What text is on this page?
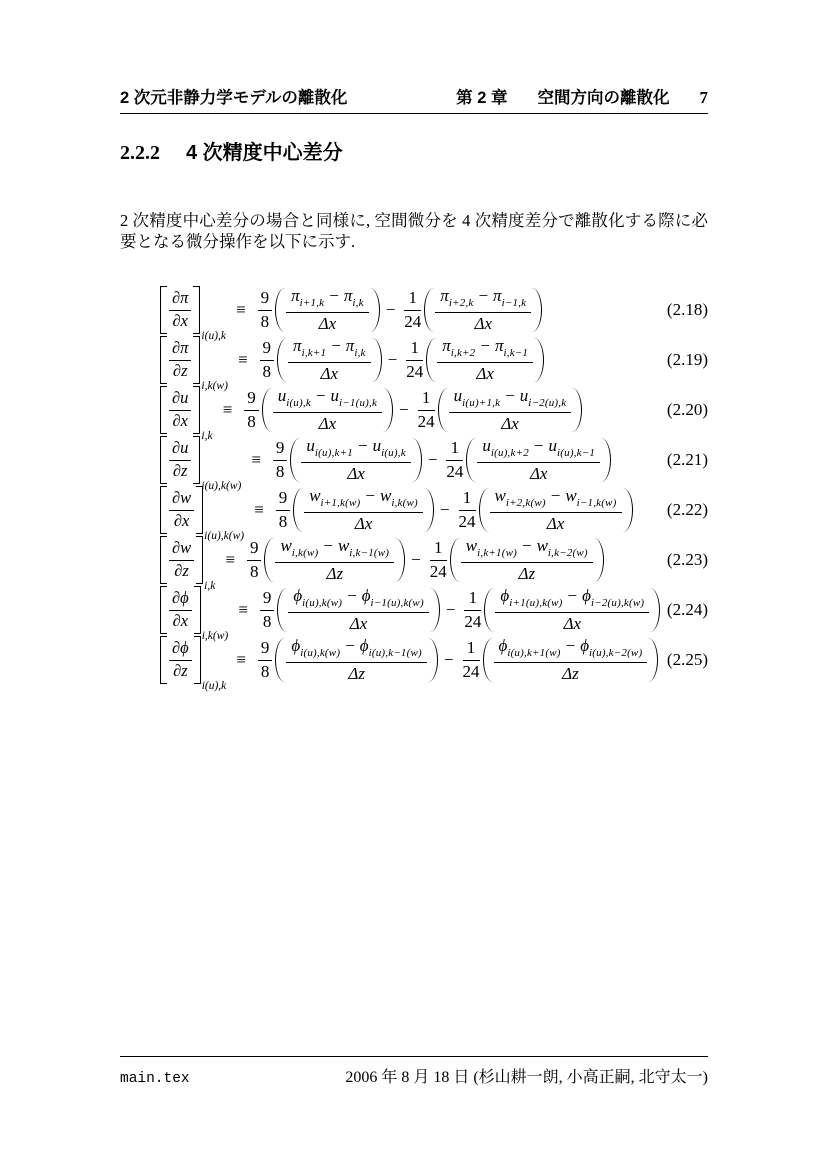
2 次元非静力学モデルの離散化	第 2 章 空間方向の離散化 7
2.2.2 4 次精度中心差分

2 次精度中心差分の場合と同様に, 空間微分を 4 次精度差分で離散化する際に必要となる微分操作を以下に示す.

$\frac{\partial\pi}{\partial x}$
i(u),k
≡ $\frac{9}{8} \frac{\pi_{i+1,k} - \pi_{i,k}}{\Delta x} - \frac{1}{24} \frac{\pi_{i+2,k} - \pi_{i-1,k}}{\Delta x}$	(2.18)
$\frac{\partial\pi}{\partial z}$
i,k(w)
≡ $\frac{9}{8} \frac{\pi_{i,k+1} - \pi_{i,k}}{\Delta x} - \frac{1}{24} \frac{\pi_{i,k+2} - \pi_{i,k-1}}{\Delta x}$	(2.19)
$\frac{\partial u}{\partial x}$
i,k
≡ $\frac{9}{8} \frac{u_{i(u),k} - u_{i-1(u),k}}{\Delta x} - \frac{1}{24} \frac{u_{i(u)+1,k} - u_{i-2(u),k}}{\Delta x}$	(2.20)
$\frac{\partial u}{\partial z}$
i(u),k(w)
≡ $\frac{9}{8} \frac{u_{i(u),k+1} - u_{i(u),k}}{\Delta x} - \frac{1}{24} \frac{u_{i(u),k+2} - u_{i(u),k-1}}{\Delta x}$	(2.21)
$\frac{\partial w}{\partial x}$
i(u),k(w)
≡ $\frac{9}{8} \frac{w_{i+1,k(w)} - w_{i,k(w)}}{\Delta x} - \frac{1}{24} \frac{w_{i+2,k(w)} - w_{i-1,k(w)}}{\Delta x}$	(2.22)
$\frac{\partial w}{\partial z}$
i,k
≡ $\frac{9}{8} \frac{w_{i,k(w)} - w_{i,k-1(w)}}{\Delta z} - \frac{1}{24} \frac{w_{i,k+1(w)} - w_{i,k-2(w)}}{\Delta z}$	(2.23)
$\frac{\partial\phi}{\partial x}$
i,k(w)
≡ $\frac{9}{8} \frac{\phi_{i(u),k(w)} - \phi_{i-1(u),k(w)}}{\Delta x} - \frac{1}{24} \frac{\phi_{i+1(u),k(w)} - \phi_{i-2(u),k(w)}}{\Delta x} (2.24)$
$\frac{\partial\phi}{\partial z}$
i(u),k
≡ $\frac{9}{8} \frac{\phi_{i(u),k(w)} - \phi_{i(u),k-1(w)}}{\Delta z} - \frac{1}{24} \frac{\phi_{i(u),k+1(w)} - \phi_{i(u),k-2(w)}}{\Delta z} (2.25)$
main.tex	2006 年 8 月 18 日 (杉山耕一朗, 小高正嗣, 北守太一)
